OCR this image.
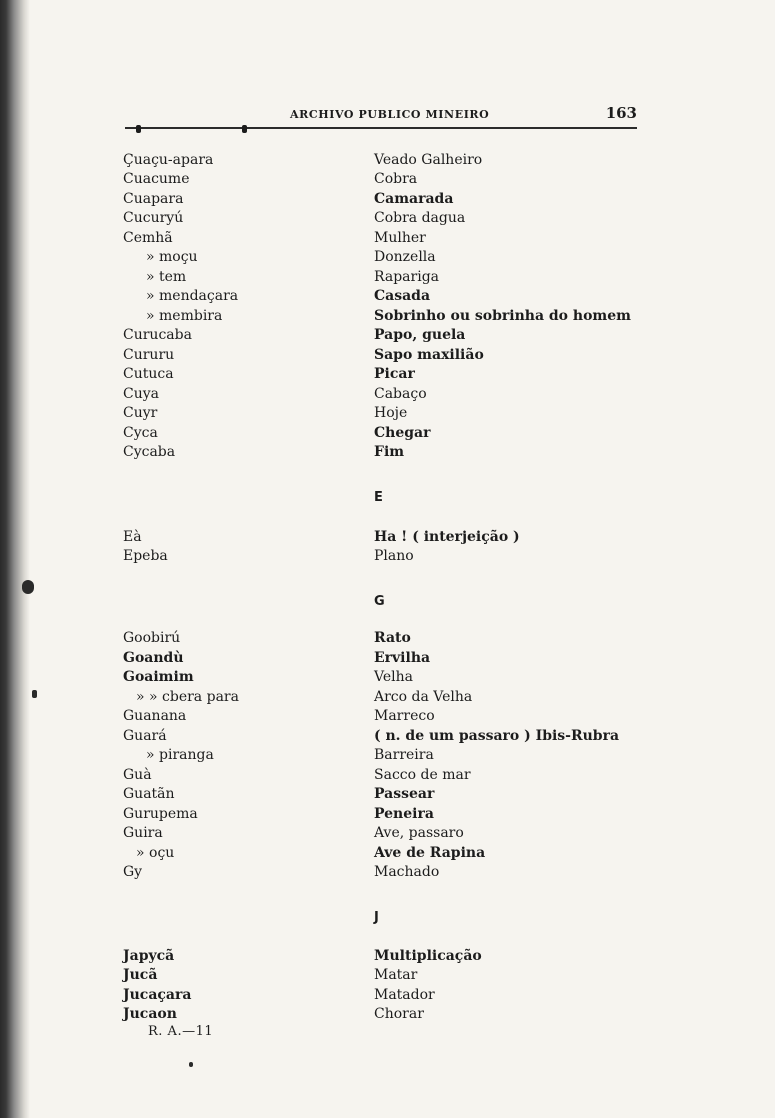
ARCHIVO PUBLICO MINEIRO	163
Çuaçu-apara	Veado Galheiro
Cuacume	Cobra
Cuapara	Camarada
Cucuryú	Cobra dagua
Cemhã	Mulher
» moçu	Donzella
» tem	Rapariga
» mendaçara	Casada
» membira	Sobrinho ou sobrinha do homem
Curucaba	Papo, guela
Cururu	Sapo maxilião
Cutuca	Picar
Cuya	Cabaço
Cuyr	Hoje
Cyca	Chegar
Cycaba	Fim
E
Eà	Ha ! ( interjeição )
Epeba	Plano
G
Goobirú	Rato
Goandù	Ervilha
Goaimim	Velha
» » cbera para	Arco da Velha
Guanana	Marreco
Guará	( n. de um passaro ) Ibis-Rubra
» piranga	Barreira
Guà	Sacco de mar
Guatãn	Passear
Gurupema	Peneira
Guira	Ave, passaro
» oçu	Ave de Rapina
Gy	Machado
J
Japycã	Multiplicação
Jucã	Matar
Jucaçara	Matador
Jucaon	Chorar
R. A.—11
